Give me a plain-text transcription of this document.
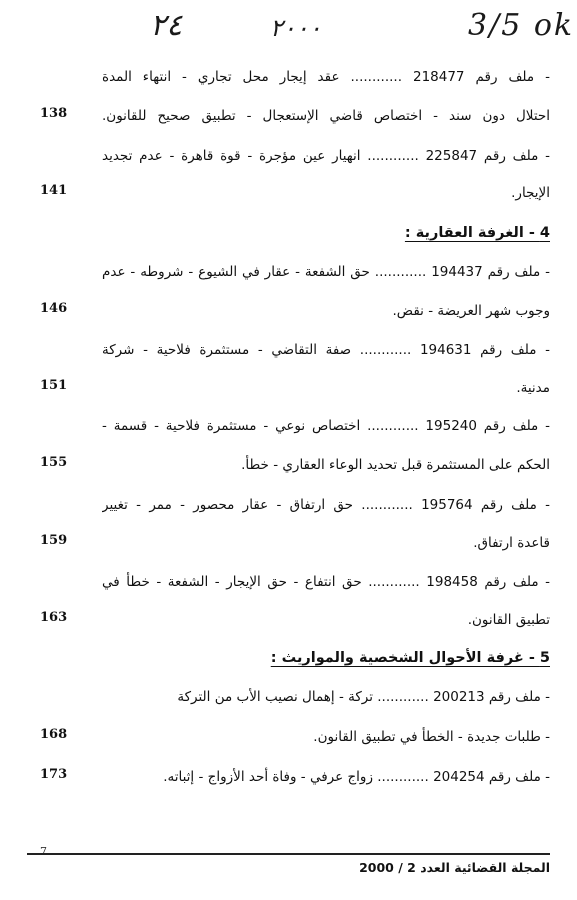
٢٤	٢٠٠٠	3/5 ok
- ملف رقم 218477 ............ عقد إيجار محل تجاري - انتهاء المدة
احتلال دون سند - اختصاص قاضي الإستعجال - تطبيق صحيح للقانون.
138
- ملف رقم 225847 ............ انهيار عين مؤجرة - قوة قاهرة - عدم تجديد
الإيجار.
141
4 - الغرفة العقارية :
- ملف رقم 194437 ............ حق الشفعة - عقار في الشيوع - شروطه - عدم
وجوب شهر العريضة - نقض.
146
- ملف رقم 194631 ............ صفة التقاضي - مستثمرة فلاحية - شركة
مدنية.
151
- ملف رقم 195240 ............ اختصاص نوعي - مستثمرة فلاحية - قسمة -
الحكم على المستثمرة قبل تحديد الوعاء العقاري - خطأ.
155
- ملف رقم 195764 ............ حق ارتفاق - عقار محصور - ممر - تغيير
قاعدة ارتفاق.
159
- ملف رقم 198458 ............ حق انتفاع - حق الإيجار - الشفعة - خطأ في
تطبيق القانون.
163
5 - غرفة الأحوال الشخصية والمواريث :
- ملف رقم 200213 ............ تركة - إهمال نصيب الأب من التركة
- طلبات جديدة - الخطأ في تطبيق القانون.
168
- ملف رقم 204254 ............ زواج عرفي - وفاة أحد الأزواج - إثباته.
173
7
المجلة القضائية العدد 2 / 2000
